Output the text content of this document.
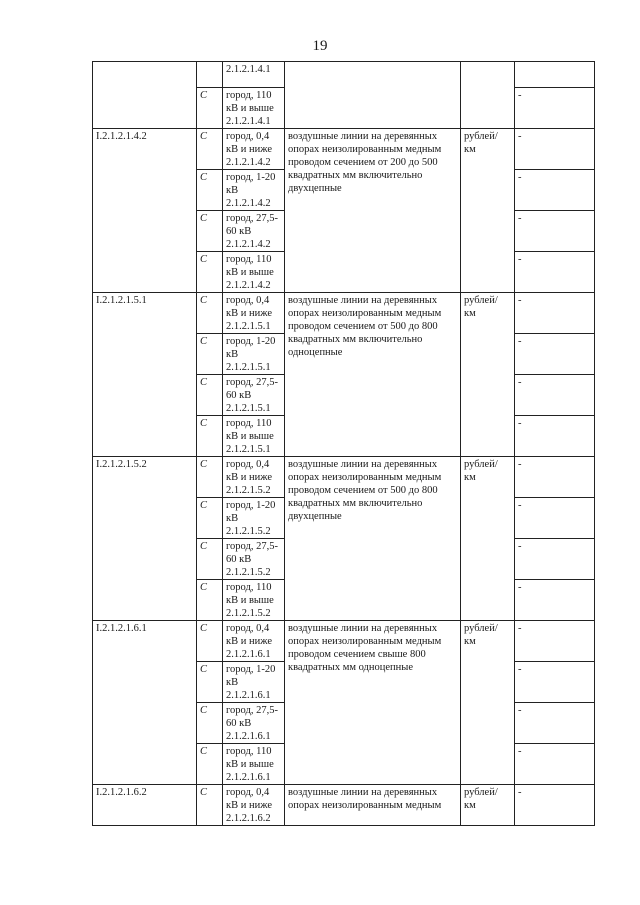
19
		2.1.2.1.4.1			
	С	город, 110 кВ и выше 2.1.2.1.4.1			-
I.2.1.2.1.4.2	С	город, 0,4 кВ и ниже 2.1.2.1.4.2	воздушные линии на деревянных опорах неизолированным медным проводом сечением от 200 до 500 квадратных мм включительно двухцепные	рублей/ км	-
	С	город, 1-20 кВ 2.1.2.1.4.2			-
	С	город, 27,5-60 кВ 2.1.2.1.4.2			-
	С	город, 110 кВ и выше 2.1.2.1.4.2			-
I.2.1.2.1.5.1	С	город, 0,4 кВ и ниже 2.1.2.1.5.1	воздушные линии на деревянных опорах неизолированным медным проводом сечением от 500 до 800 квадратных мм включительно одноцепные	рублей/ км	-
	С	город, 1-20 кВ 2.1.2.1.5.1			-
	С	город, 27,5-60 кВ 2.1.2.1.5.1			-
	С	город, 110 кВ и выше 2.1.2.1.5.1			-
I.2.1.2.1.5.2	С	город, 0,4 кВ и ниже 2.1.2.1.5.2	воздушные линии на деревянных опорах неизолированным медным проводом сечением от 500 до 800 квадратных мм включительно двухцепные	рублей/ км	-
	С	город, 1-20 кВ 2.1.2.1.5.2			-
	С	город, 27,5-60 кВ 2.1.2.1.5.2			-
	С	город, 110 кВ и выше 2.1.2.1.5.2			-
I.2.1.2.1.6.1	С	город, 0,4 кВ и ниже 2.1.2.1.6.1	воздушные линии на деревянных опорах неизолированным медным проводом сечением свыше 800 квадратных мм одноцепные	рублей/ км	-
	С	город, 1-20 кВ 2.1.2.1.6.1			-
	С	город, 27,5-60 кВ 2.1.2.1.6.1			-
	С	город, 110 кВ и выше 2.1.2.1.6.1			-
I.2.1.2.1.6.2	С	город, 0,4 кВ и ниже 2.1.2.1.6.2	воздушные линии на деревянных опорах неизолированным медным	рублей/ км	-
